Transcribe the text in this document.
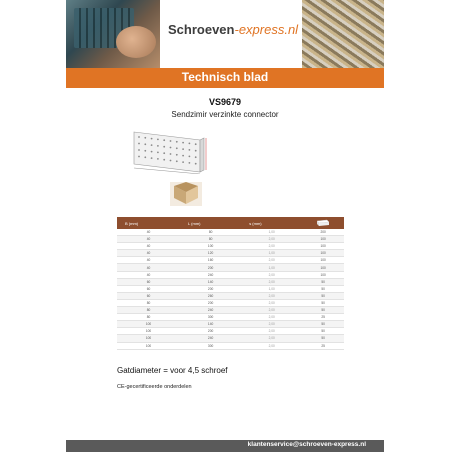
Schroeven-express.nl
Technisch blad
VS9679
Sendzimir verzinkte connector
B (mm)	L (mm)	s (mm)	
40	80	1,00	200
40	80	2,00	100
40	100	2,00	100
40	120	1,00	100
40	160	2,00	100
40	200	1,00	100
40	240	2,00	100
60	140	2,00	50
60	200	1,00	50
60	260	2,00	50
80	200	2,00	50
80	240	2,00	50
80	300	2,00	25
100	140	2,00	50
100	200	2,00	50
100	240	2,00	50
100	300	2,00	25
Gatdiameter = voor 4,5 schroef
CE-gecertificeerde onderdelen
klantenservice@schroeven-express.nl
